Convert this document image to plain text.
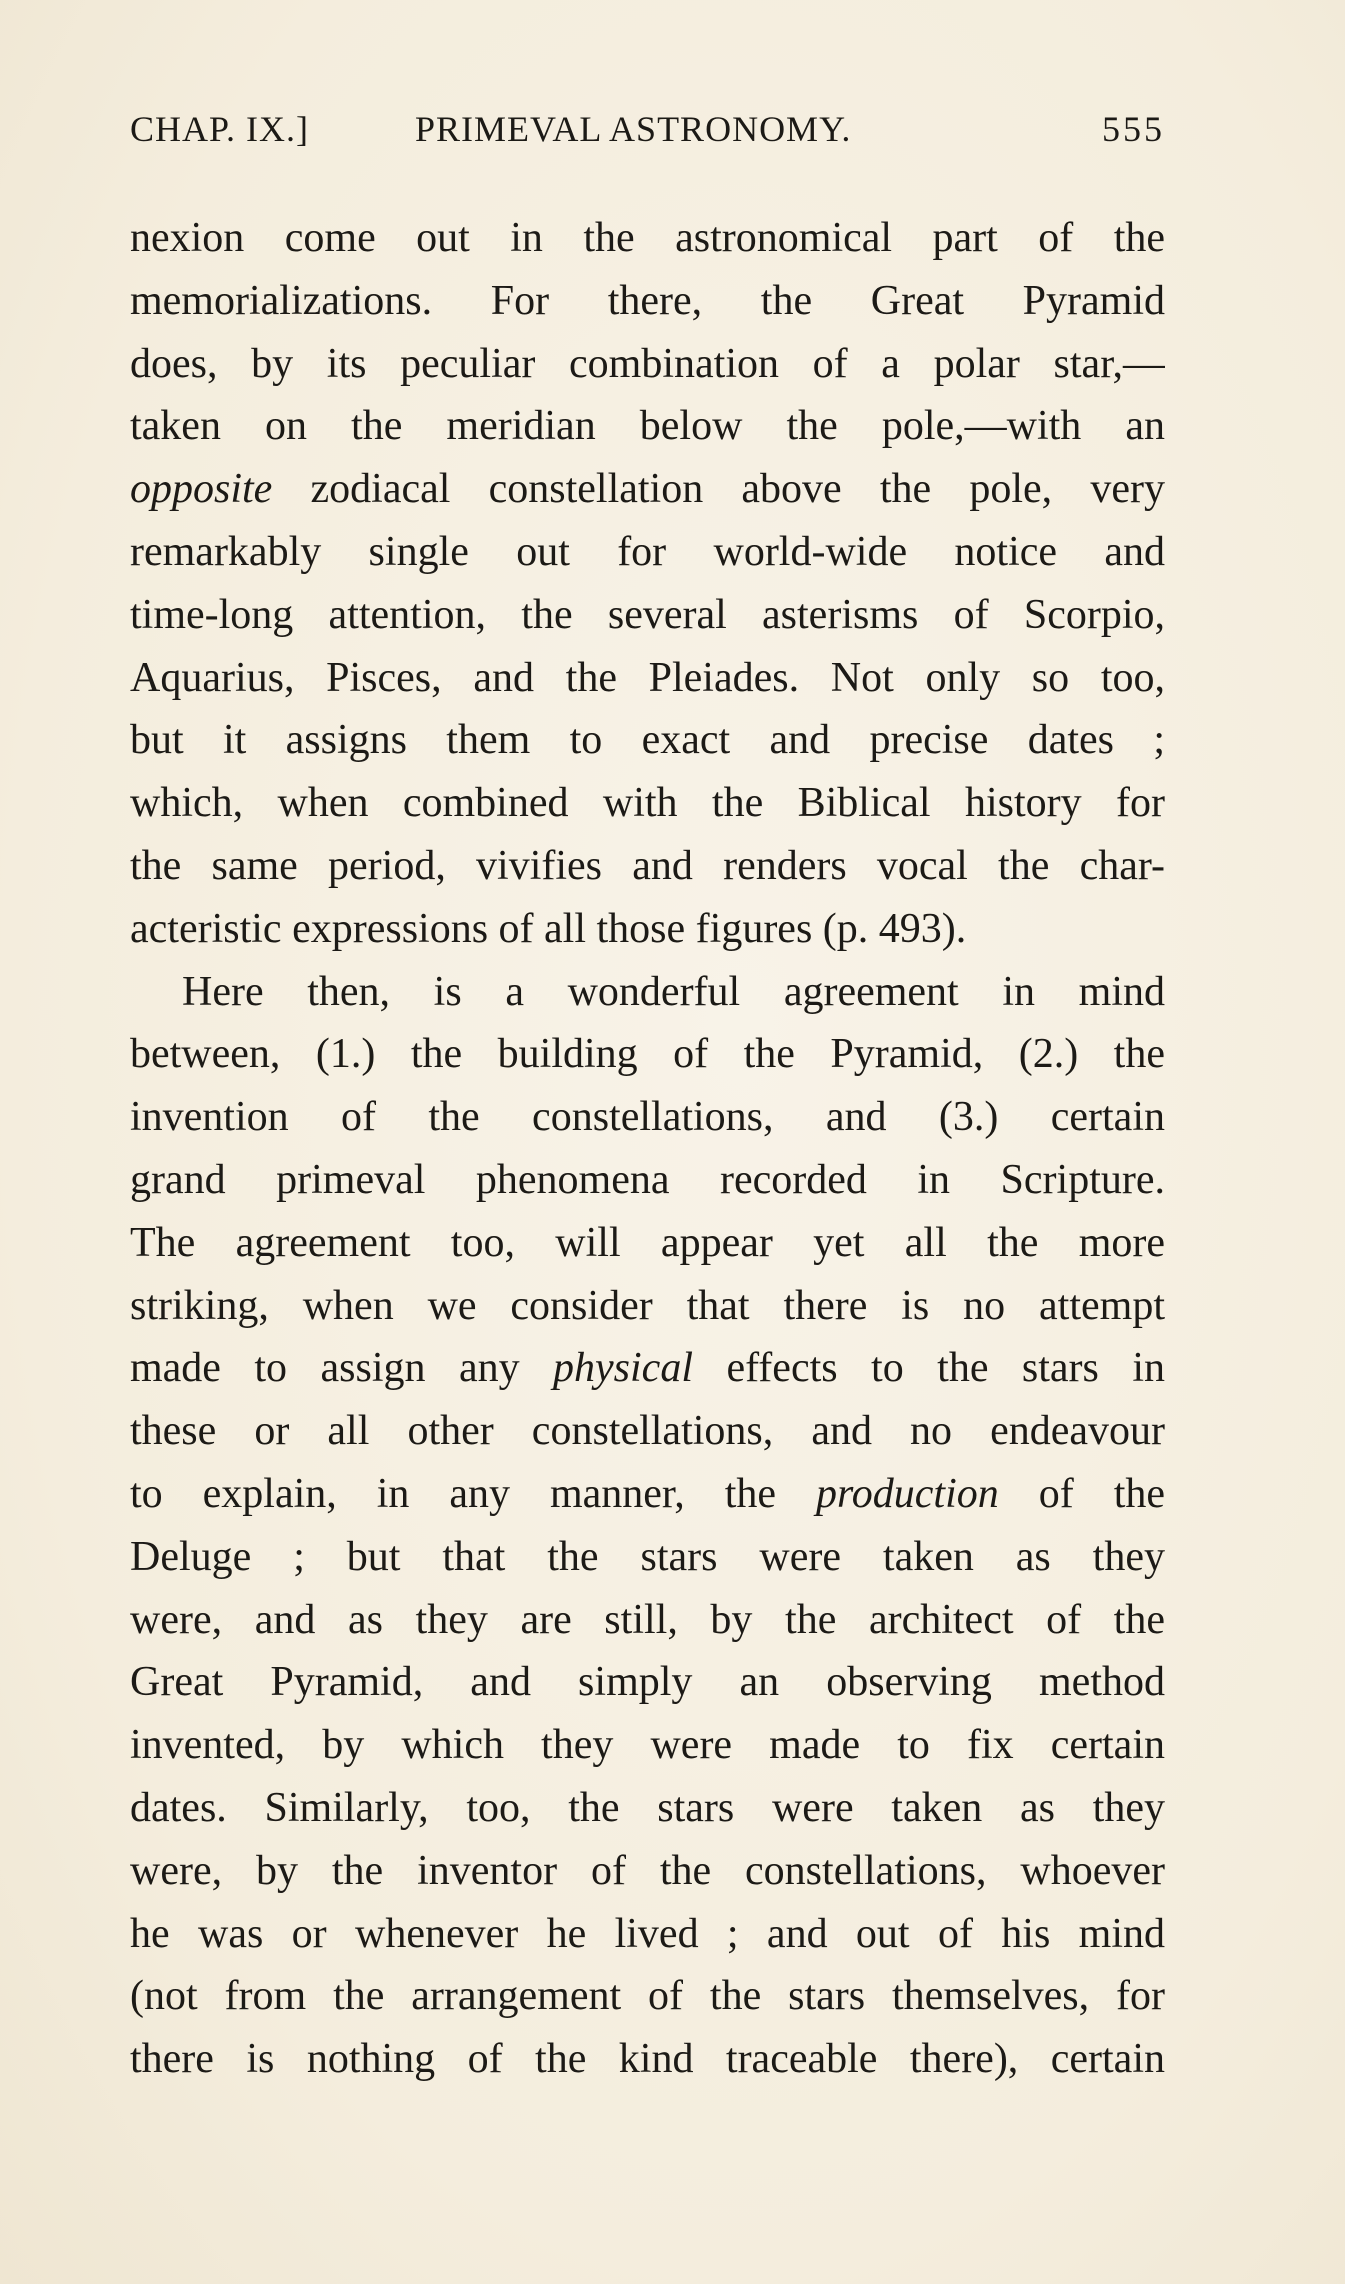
CHAP. IX.]	PRIMEVAL ASTRONOMY.	555
nexion come out in the astronomical part of the
memorializations. For there, the Great Pyramid
does, by its peculiar combination of a polar star,—
taken on the meridian below the pole,—with an
opposite zodiacal constellation above the pole, very
remarkably single out for world-wide notice and
time-long attention, the several asterisms of Scorpio,
Aquarius, Pisces, and the Pleiades. Not only so too,
but it assigns them to exact and precise dates ;
which, when combined with the Biblical history for
the same period, vivifies and renders vocal the char-
acteristic expressions of all those figures (p. 493).
Here then, is a wonderful agreement in mind
between, (1.) the building of the Pyramid, (2.) the
invention of the constellations, and (3.) certain
grand primeval phenomena recorded in Scripture.
The agreement too, will appear yet all the more
striking, when we consider that there is no attempt
made to assign any physical effects to the stars in
these or all other constellations, and no endeavour
to explain, in any manner, the production of the
Deluge ; but that the stars were taken as they
were, and as they are still, by the architect of the
Great Pyramid, and simply an observing method
invented, by which they were made to fix certain
dates. Similarly, too, the stars were taken as they
were, by the inventor of the constellations, whoever
he was or whenever he lived ; and out of his mind
(not from the arrangement of the stars themselves, for
there is nothing of the kind traceable there), certain
